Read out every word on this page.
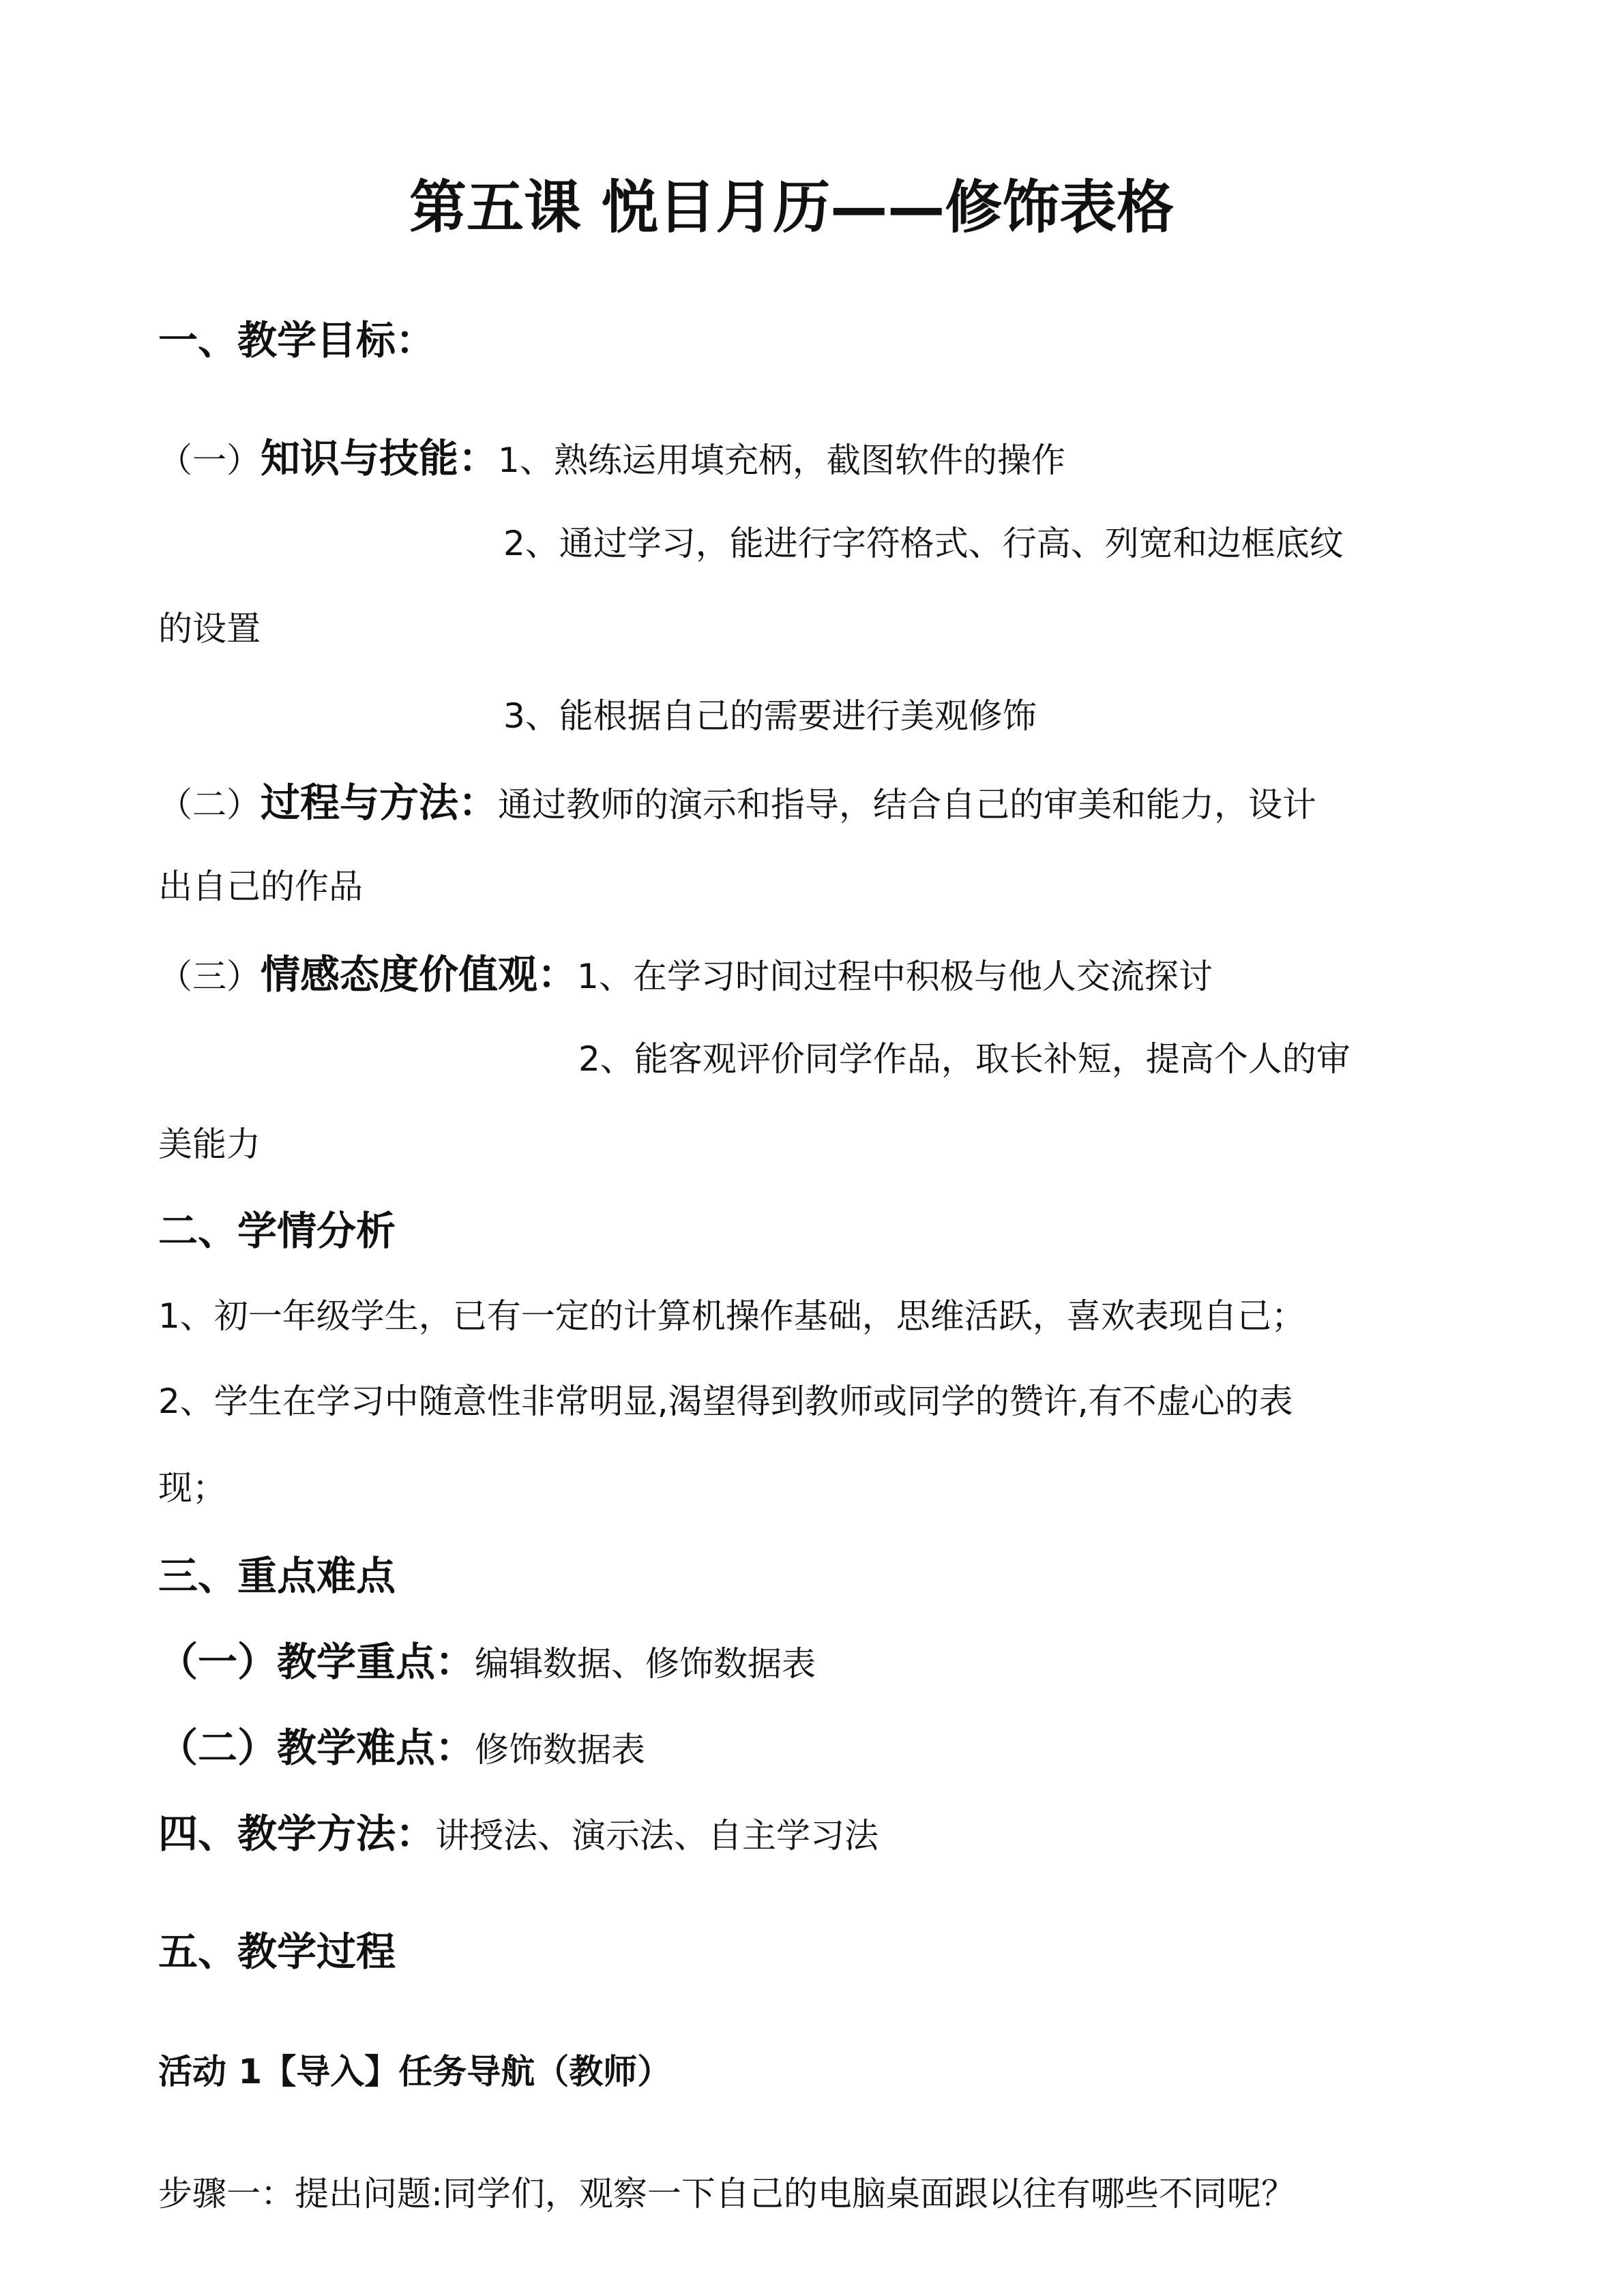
第五课 悦目月历——修饰表格
一、教学目标：
（一）知识与技能：1、熟练运用填充柄，截图软件的操作
2、通过学习，能进行字符格式、行高、列宽和边框底纹
的设置
3、能根据自己的需要进行美观修饰
（二）过程与方法：通过教师的演示和指导，结合自己的审美和能力，设计
出自己的作品
（三）情感态度价值观：1、在学习时间过程中积极与他人交流探讨
2、能客观评价同学作品，取长补短，提高个人的审
美能力
二、学情分析
1、初一年级学生，已有一定的计算机操作基础，思维活跃，喜欢表现自己；
2、学生在学习中随意性非常明显,渴望得到教师或同学的赞许,有不虚心的表
现；
三、重点难点
（一）教学重点：编辑数据、修饰数据表
（二）教学难点：修饰数据表
四、教学方法：讲授法、演示法、自主学习法
五、教学过程
活动 1【导入】任务导航（教师）
步骤一：提出问题:同学们，观察一下自己的电脑桌面跟以往有哪些不同呢？
